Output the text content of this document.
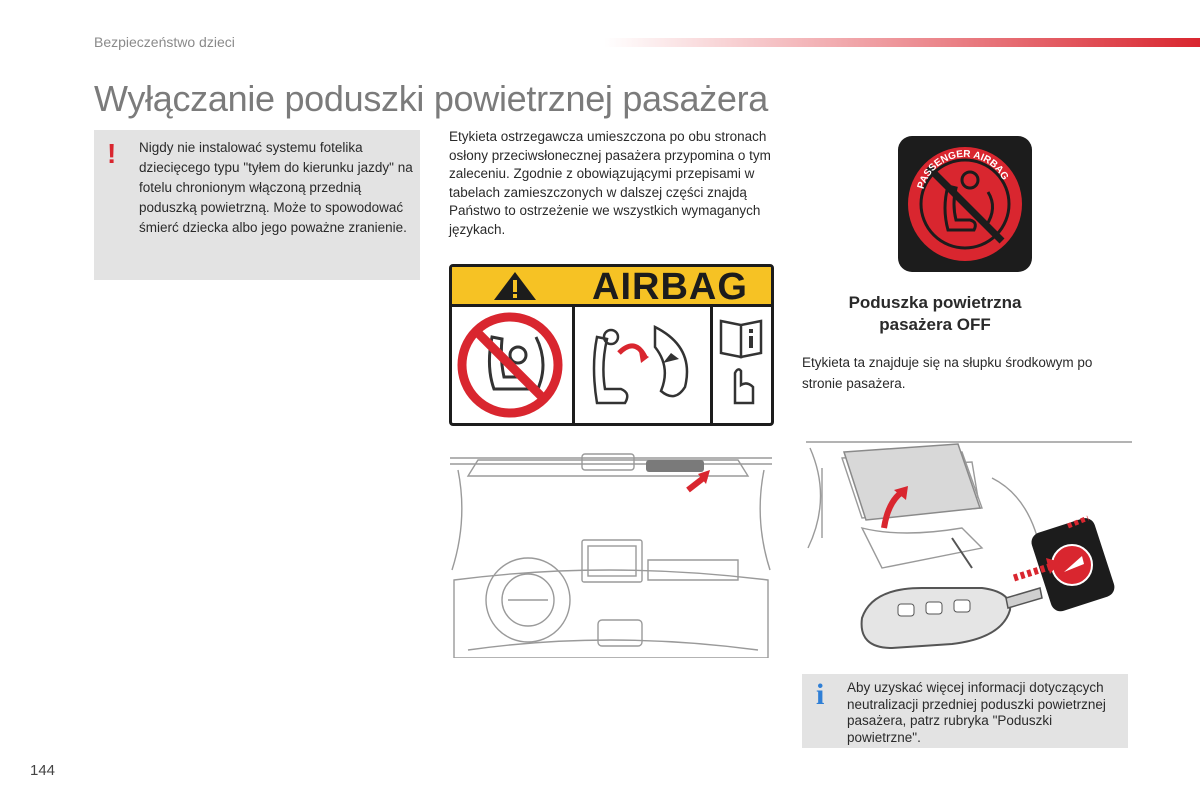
Bezpieczeństwo dzieci
Wyłączanie poduszki powietrznej pasażera
! Nigdy nie instalować systemu fotelika dziecięcego typu "tyłem do kierunku jazdy" na fotelu chronionym włączoną przednią poduszką powietrzną. Może to spowodować śmierć dziecka albo jego poważne zranienie.
Etykieta ostrzegawcza umieszczona po obu stronach osłony przeciwsłonecznej pasażera przypomina o tym zaleceniu. Zgodnie z obowiązującymi przepisami w tabelach zamieszczonych w dalszej części znajdą Państwo to ostrzeżenie we wszystkich wymaganych językach.
AIRBAG
PASSENGER AIRBAG
Poduszka powietrzna pasażera OFF
Etykieta ta znajduje się na słupku środkowym po stronie pasażera.
i Aby uzyskać więcej informacji dotyczących neutralizacji przedniej poduszki powietrznej pasażera, patrz rubryka "Poduszki powietrzne".
144
